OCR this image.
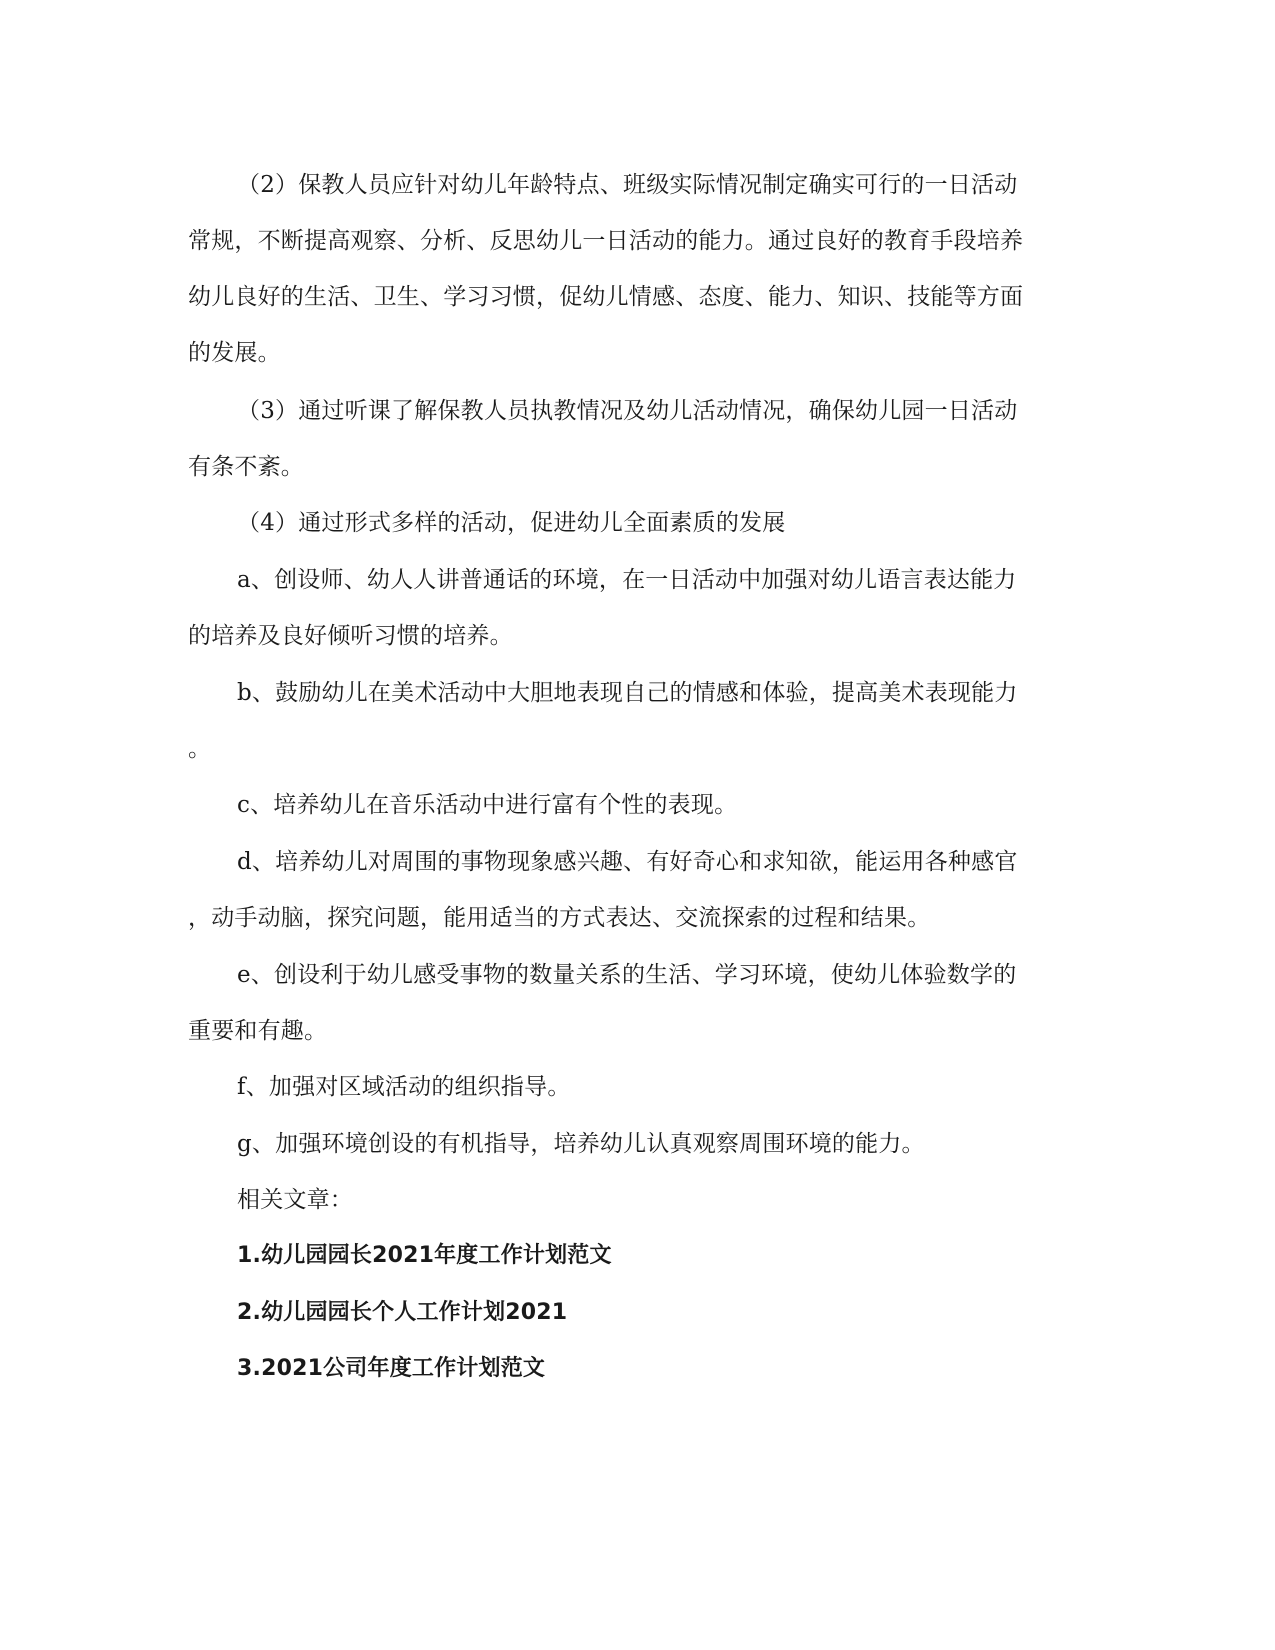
（2）保教人员应针对幼儿年龄特点、班级实际情况制定确实可行的一日活动
常规，不断提高观察、分析、反思幼儿一日活动的能力。通过良好的教育手段培养
幼儿良好的生活、卫生、学习习惯，促幼儿情感、态度、能力、知识、技能等方面
的发展。
（3）通过听课了解保教人员执教情况及幼儿活动情况，确保幼儿园一日活动
有条不紊。
（4）通过形式多样的活动，促进幼儿全面素质的发展
a、创设师、幼人人讲普通话的环境，在一日活动中加强对幼儿语言表达能力
的培养及良好倾听习惯的培养。
b、鼓励幼儿在美术活动中大胆地表现自己的情感和体验，提高美术表现能力
。
c、培养幼儿在音乐活动中进行富有个性的表现。
d、培养幼儿对周围的事物现象感兴趣、有好奇心和求知欲，能运用各种感官
，动手动脑，探究问题，能用适当的方式表达、交流探索的过程和结果。
e、创设利于幼儿感受事物的数量关系的生活、学习环境，使幼儿体验数学的
重要和有趣。
f、加强对区域活动的组织指导。
g、加强环境创设的有机指导，培养幼儿认真观察周围环境的能力。
相关文章：
1.幼儿园园长2021年度工作计划范文
2.幼儿园园长个人工作计划2021
3.2021公司年度工作计划范文
